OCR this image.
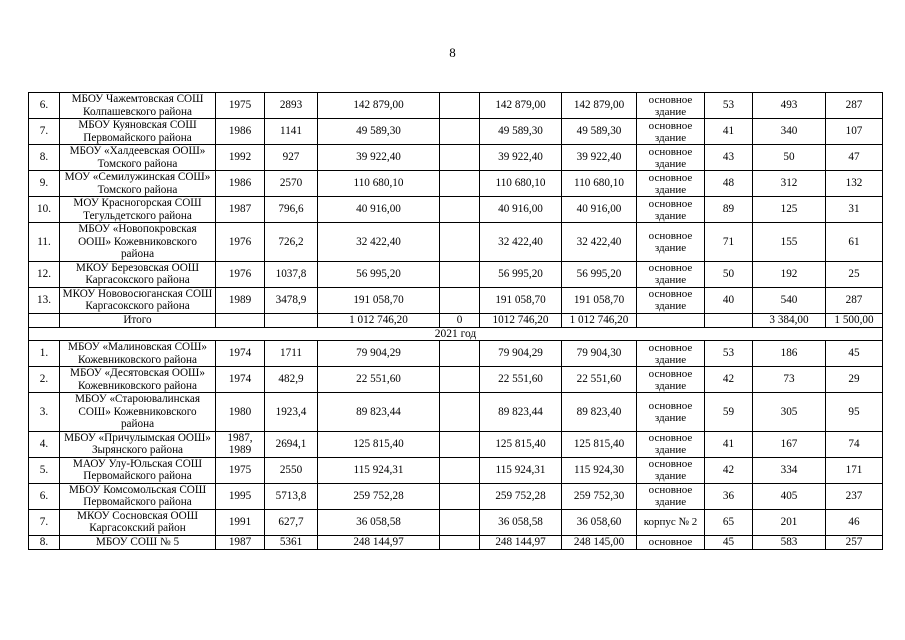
8
6.	МБОУ Чажемтовская СОШ Колпашевского района	1975	2893	142 879,00		142 879,00	142 879,00	основное здание	53	493	287
7.	МБОУ Куяновская СОШ Первомайского района	1986	1141	49 589,30		49 589,30	49 589,30	основное здание	41	340	107
8.	МБОУ «Халдеевская ООШ» Томского района	1992	927	39 922,40		39 922,40	39 922,40	основное здание	43	50	47
9.	МОУ «Семилужинская СОШ» Томского района	1986	2570	110 680,10		110 680,10	110 680,10	основное здание	48	312	132
10.	МОУ Красногорская СОШ Тегульдетского района	1987	796,6	40 916,00		40 916,00	40 916,00	основное здание	89	125	31
11.	МБОУ «Новопокровская ООШ» Кожевниковского района	1976	726,2	32 422,40		32 422,40	32 422,40	основное здание	71	155	61
12.	МКОУ Березовская ООШ Каргасокского района	1976	1037,8	56 995,20		56 995,20	56 995,20	основное здание	50	192	25
13.	МКОУ Нововосюганская СОШ Каргасокского района	1989	3478,9	191 058,70		191 058,70	191 058,70	основное здание	40	540	287
	Итого			1 012 746,20	0	1012 746,20	1 012 746,20			3 384,00	1 500,00
2021 год											
1.	МБОУ «Малиновская СОШ» Кожевниковского района	1974	1711	79 904,29		79 904,29	79 904,30	основное здание	53	186	45
2.	МБОУ «Десятовская ООШ» Кожевниковского района	1974	482,9	22 551,60		22 551,60	22 551,60	основное здание	42	73	29
3.	МБОУ «Староювалинская СОШ» Кожевниковского района	1980	1923,4	89 823,44		89 823,44	89 823,40	основное здание	59	305	95
4.	МБОУ «Причулымская ООШ» Зырянского района	1987, 1989	2694,1	125 815,40		125 815,40	125 815,40	основное здание	41	167	74
5.	МАОУ Улу-Юльская СОШ Первомайского района	1975	2550	115 924,31		115 924,31	115 924,30	основное здание	42	334	171
6.	МБОУ Комсомольская СОШ Первомайского района	1995	5713,8	259 752,28		259 752,28	259 752,30	основное здание	36	405	237
7.	МКОУ Сосновская ООШ Каргасокский район	1991	627,7	36 058,58		36 058,58	36 058,60	корпус № 2	65	201	46
8.	МБОУ СОШ № 5	1987	5361	248 144,97		248 144,97	248 145,00	основное	45	583	257
